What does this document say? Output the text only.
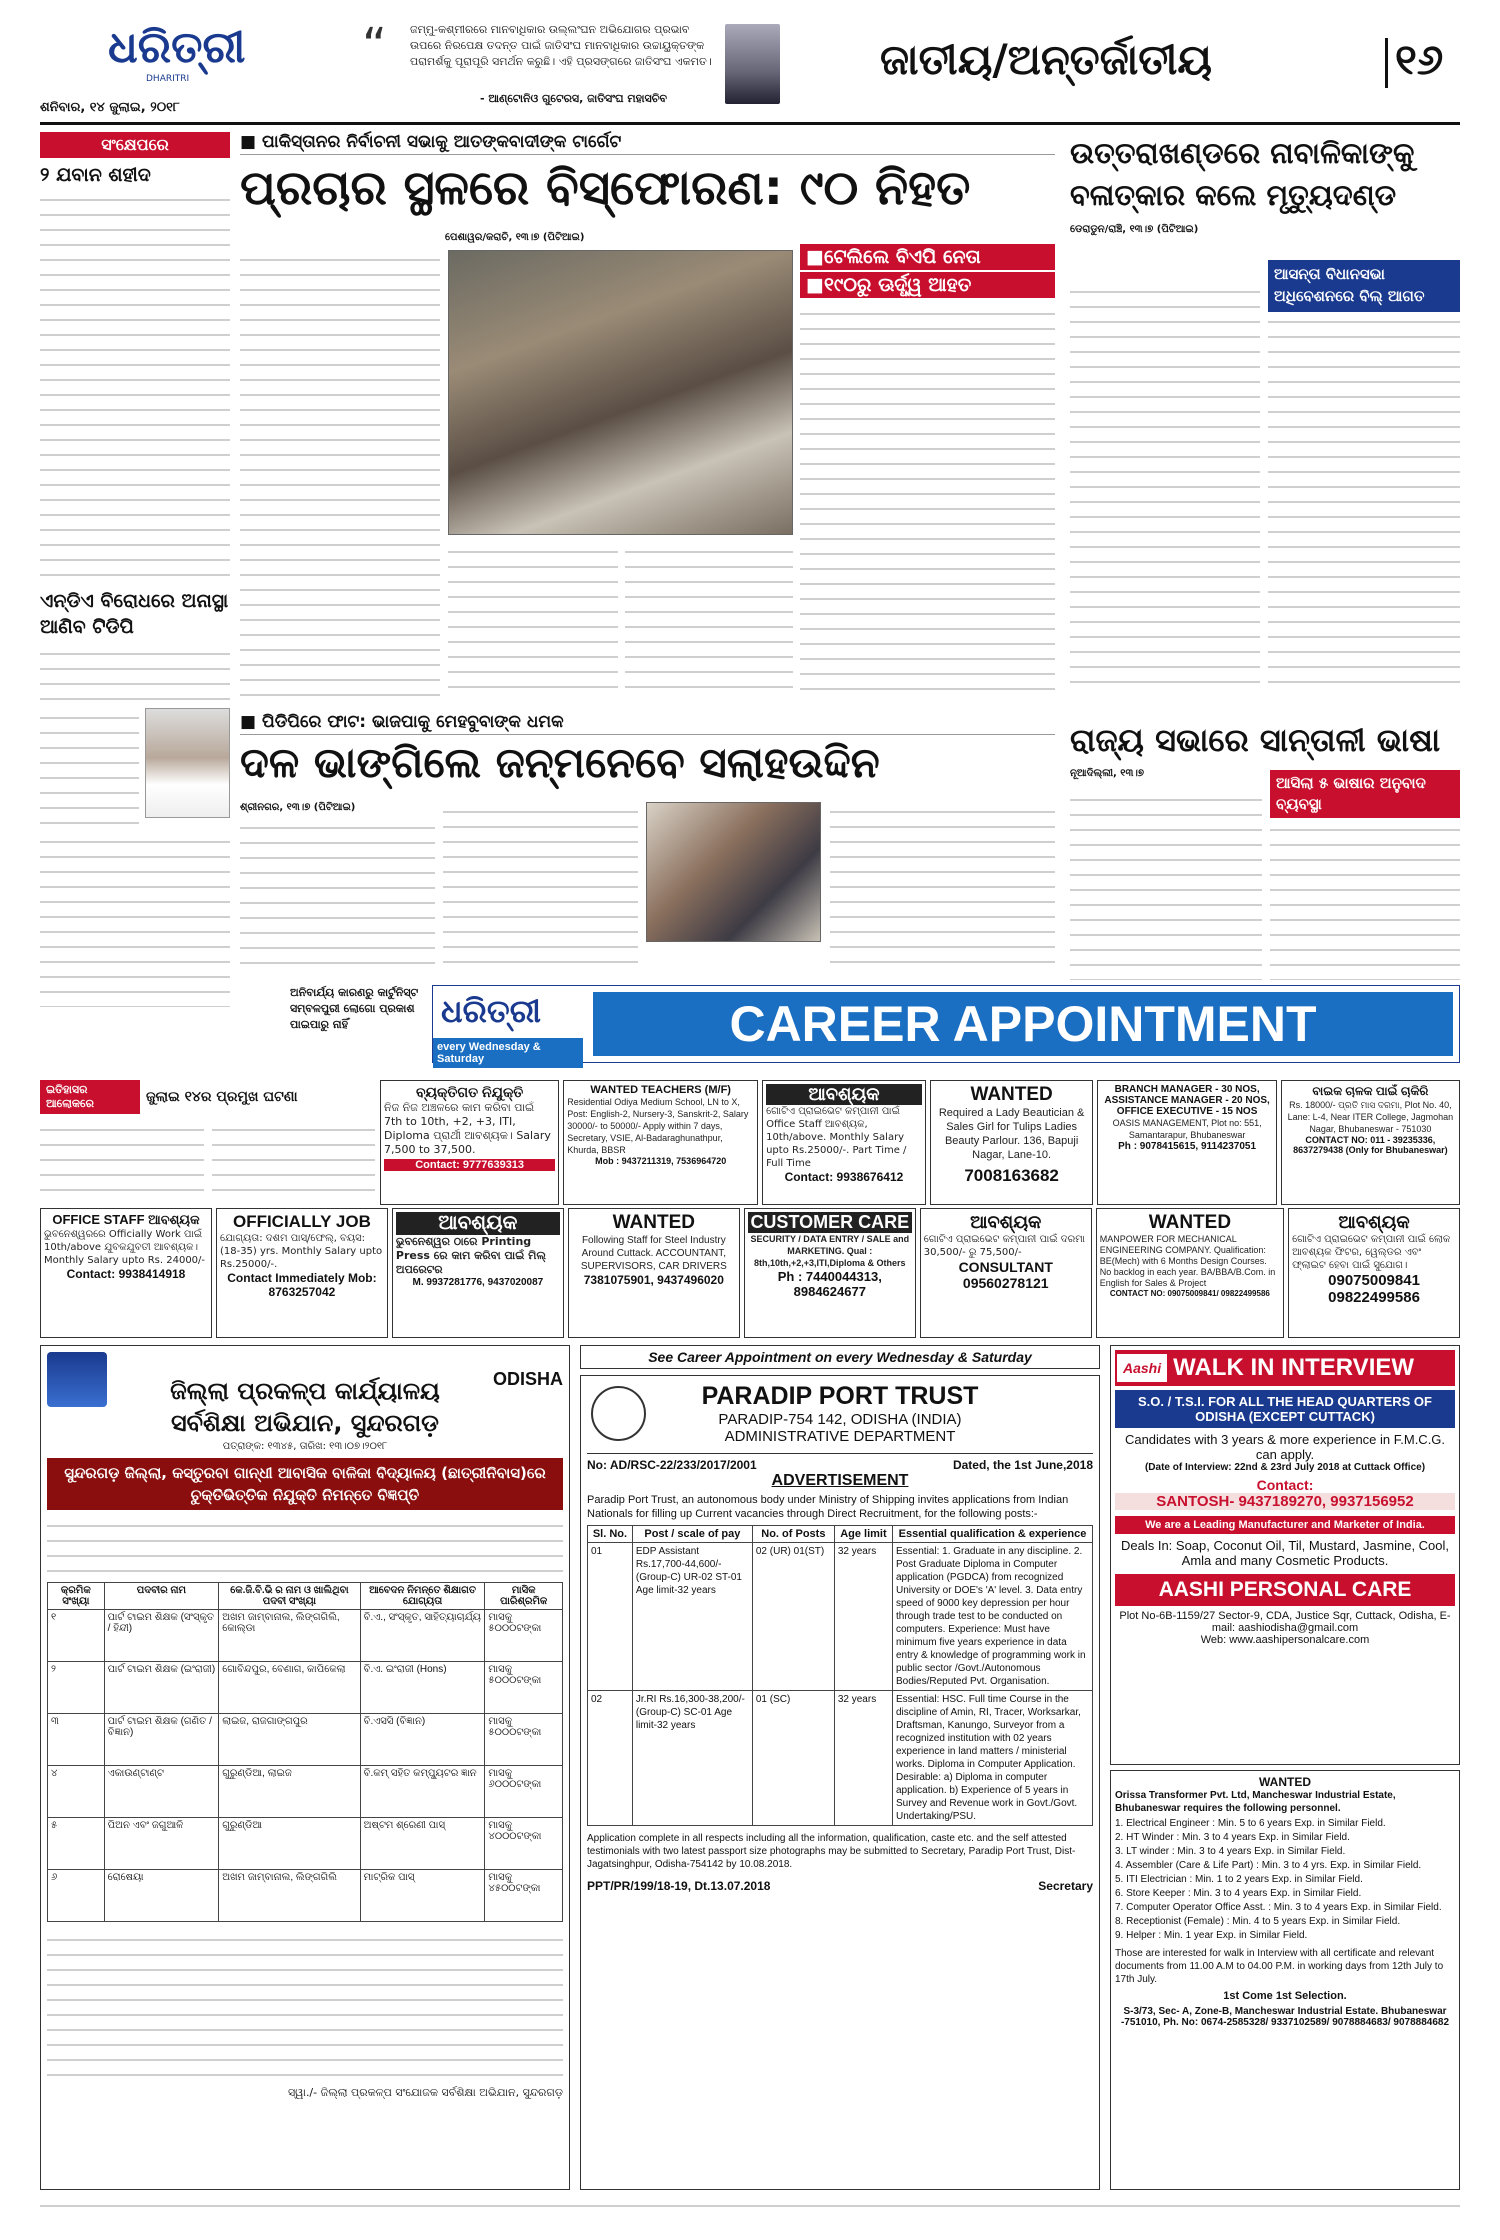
ଧରିତ୍ରୀ
DHARITRI
ଶନିବାର, ୧୪ ଜୁଲାଇ, ୨୦୧୮
“ ଜମ୍ମୁ-କଶ୍ମୀରରେ ମାନବାଧିକାର ଉଲ୍ଲଂଘନ ଅଭିଯୋଗର ପ୍ରଭାବ ଉପରେ ନିରପେକ୍ଷ ତଦନ୍ତ ପାଇଁ ଜାତିସଂଘ ମାନବାଧିକାର ଉଚ୍ଚାୟୁକ୍ତଙ୍କ ପରାମର୍ଶକୁ ପୂରାପୂରି ସମର୍ଥନ କରୁଛି। ଏହି ପ୍ରସଙ୍ଗରେ ଜାତିସଂଘ ଏକମତ।
- ଆଣ୍ଟୋନିଓ ଗୁଟେରସ, ଜାତିସଂଘ ମହାସଚିବ
ଜାତୀୟ/ଅନ୍ତର୍ଜାତୀୟ	୧୬
ସଂକ୍ଷେପରେ
୨ ଯବାନ ଶହୀଦ
ଏନ୍‌ଡିଏ ବିରୋଧରେ ଅନାସ୍ଥା ଆଣିବ ଟିଡିପି
■ ପାକିସ୍ତାନର ନିର୍ବାଚନୀ ସଭାକୁ ଆତଙ୍କବାଦୀଙ୍କ ଟାର୍ଗେଟ
ପ୍ରଚାର ସ୍ଥଳରେ ବିସ୍ଫୋରଣ: ୯୦ ନିହତ
ପେଶାୱର/କରାଚି, ୧୩।୭ (ପିଟିଆଇ)
■ଟେଲିଲେ ବିଏପି ନେତା
■୧୯୦ରୁ ଊର୍ଦ୍ଧ୍ୱ ଆହତ
ଉତ୍ତରାଖଣ୍ଡରେ ନାବାଳିକାଙ୍କୁ ବଳାତ୍କାର କଲେ ମୃତ୍ୟୁଦଣ୍ଡ
ଡେରାଡୁନ/ରାଞ୍ଚି, ୧୩।୭ (ପିଟିଆଇ)
ଆସନ୍ତା ବିଧାନସଭା ଅଧିବେଶନରେ ବିଲ୍ ଆଗତ
ରାଜ୍ୟ ସଭାରେ ସାନ୍ତାଳୀ ଭାଷା
ନୂଆଦିଲ୍ଲୀ, ୧୩।୭
ଆସିଲା ୫ ଭାଷାର ଅନୁବାଦ ବ୍ୟବସ୍ଥା
■ ପିଡିପିରେ ଫାଟ: ଭାଜପାକୁ ମେହବୁବାଙ୍କ ଧମକ
ଦଳ ଭାଙ୍ଗିଲେ ଜନ୍ମନେବେ ସଲାହଉଦ୍ଦିନ
ଶ୍ରୀନଗର, ୧୩।୭ (ପିଟିଆଇ)
ଅନିବାର୍ଯ୍ୟ କାରଣରୁ କାର୍ଟୁନିସ୍ଟ ସମ୍ବଳପୁରୀ ଲୋଗୋ ପ୍ରକାଶ ପାଇପାରୁ ନାହିଁ	ଧରିତ୍ରୀ
every Wednesday & Saturday
CAREER APPOINTMENT
ଇତିହାସର ଆଲୋକରେ	ଜୁଲାଇ ୧୪ର ପ୍ରମୁଖ ଘଟଣା	ବ୍ୟକ୍ତିଗତ ନିଯୁକ୍ତି
ନିଜ ନିଜ ଅଞ୍ଚଳରେ କାମ କରିବା ପାଇଁ 7th to 10th, +2, +3, ITI, Diploma ପ୍ରାର୍ଥୀ ଆବଶ୍ୟକ। Salary 7,500 to 37,500.
Contact: 9777639313
WANTED TEACHERS (M/F)
Residential Odiya Medium School, LN to X, Post: English-2, Nursery-3, Sanskrit-2, Salary 30000/- to 50000/- Apply within 7 days, Secretary, VSIE, Al-Badaraghunathpur, Khurda, BBSR
Mob : 9437211319, 7536964720
ଆବଶ୍ୟକ
ଗୋଟିଏ ପ୍ରାଇଭେଟ କମ୍ପାନୀ ପାଇଁ Office Staff ଆବଶ୍ୟକ, 10th/above. Monthly Salary upto Rs.25000/-. Part Time / Full Time
Contact: 9938676412
WANTED
Required a Lady Beautician & Sales Girl for Tulips Ladies Beauty Parlour. 136, Bapuji Nagar, Lane-10.
7008163682
BRANCH MANAGER - 30 NOS, ASSISTANCE MANAGER - 20 NOS, OFFICE EXECUTIVE - 15 NOS
OASIS MANAGEMENT, Plot no: 551, Samantarapur, Bhubaneswar
Ph : 9078415615, 9114237051
ବାଇକ ଚାଳକ ପାଇଁ ଚାକିରି
Rs. 18000/- ପ୍ରତି ମାସ ଦରମା, Plot No. 40, Lane: L-4, Near ITER College, Jagmohan Nagar, Bhubaneswar - 751030
CONTACT NO: 011 - 39235336, 8637279438 (Only for Bhubaneswar)
OFFICE STAFF ଆବଶ୍ୟକ
ଭୁବନେଶ୍ୱରରେ Officially Work ପାଇଁ 10th/above ଯୁବକଯୁବତୀ ଆବଶ୍ୟକ। Monthly Salary upto Rs. 24000/-
Contact: 9938414918
OFFICIALLY JOB
ଯୋଗ୍ୟତା: ଦଶମ ପାସ୍/ଫେଲ୍, ବୟସ: (18-35) yrs. Monthly Salary upto Rs.25000/-.
Contact Immediately Mob: 8763257042
ଆବଶ୍ୟକ
ଭୁବନେଶ୍ୱର ଠାରେ Printing Press ରେ କାମ କରିବା ପାଇଁ ମିଲ୍ ଅପରେଟର
M. 9937281776, 9437020087
WANTED
Following Staff for Steel Industry Around Cuttack. ACCOUNTANT, SUPERVISORS, CAR DRIVERS
7381075901, 9437496020
CUSTOMER CARE
SECURITY / DATA ENTRY / SALE and MARKETING. Qual : 8th,10th,+2,+3,ITI,Diploma & Others
Ph : 7440044313, 8984624677
ଆବଶ୍ୟକ
ଗୋଟିଏ ପ୍ରାଇଭେଟ କମ୍ପାନୀ ପାଇଁ ଦରମା 30,500/- ରୁ 75,500/-
CONSULTANT 09560278121
WANTED
MANPOWER FOR MECHANICAL ENGINEERING COMPANY. Qualification: BE(Mech) with 6 Months Design Courses. No backlog in each year. BA/BBA/B.Com. in English for Sales & Project
CONTACT NO: 09075009841/ 09822499586
ଆବଶ୍ୟକ
ଗୋଟିଏ ପ୍ରାଇଭେଟ କମ୍ପାନୀ ପାଇଁ ଲୋକ ଆବଶ୍ୟକ ଫିଟର, ୱେଲ୍ଡର ଏବଂ ଫ୍ଲାଇଟ ହେବା ପାଇଁ ସୁଯୋଗ।
09075009841 09822499586
ODISHA
ଜିଲ୍ଲା ପ୍ରକଳ୍ପ କାର୍ଯ୍ୟାଳୟ
ସର୍ବଶିକ୍ଷା ଅଭିଯାନ, ସୁନ୍ଦରଗଡ଼
ପତ୍ରାଙ୍କ: ୧୩୪୫, ତାରିଖ: ୧୩।୦୭।୨୦୧୮
ସୁନ୍ଦରଗଡ଼ ଜିଲ୍ଲା, କସ୍ତୁରବା ଗାନ୍ଧୀ ଆବାସିକ ବାଳିକା ବିଦ୍ୟାଳୟ (ଛାତ୍ରୀନିବାସ)ରେ ଚୁକ୍ତିଭିତ୍ତିକ ନିଯୁକ୍ତି ନିମନ୍ତେ ବିଜ୍ଞପ୍ତି
କ୍ରମିକ ସଂଖ୍ୟା	ପଦବୀର ନାମ	କେ.ଜି.ବି.ଭି ର ନାମ ଓ ଖାଲିଥିବା ପଦବୀ ସଂଖ୍ୟା	ଆବେଦନ ନିମନ୍ତେ ଶିକ୍ଷାଗତ ଯୋଗ୍ୟତା	ମାସିକ ପାରିଶ୍ରମିକ
୧	ପାର୍ଟ ଟାଇମ ଶିକ୍ଷକ (ସଂସ୍କୃତ / ହିନ୍ଦୀ)	ଅଖମ ଜାମ୍ବାନାଲ, ଲିଙ୍ଗଗିଲି, କୋଲ୍ଡା	ବି.ଏ., ସଂସ୍କୃତ, ସାହିତ୍ୟାଚାର୍ଯ୍ୟ	ମାସକୁ ୫୦୦୦ଟଙ୍କା
୨	ପାର୍ଟ ଟାଇମ ଶିକ୍ଷକ (ଇଂରାଜୀ)	ଗୋବିନ୍ଦପୁର, ବେଣାଗ, କାପିକେଲା	ବି.ଏ. ଇଂରାଜୀ (Hons)	ମାସକୁ ୫୦୦୦ଟଙ୍କା
୩	ପାର୍ଟ ଟାଇମ ଶିକ୍ଷକ (ଗଣିତ / ବିଜ୍ଞାନ)	ଲାଇଜ, ରାଜଗାଙ୍ଗପୁର	ବି.ଏସସି (ବିଜ୍ଞାନ)	ମାସକୁ ୫୦୦୦ଟଙ୍କା
୪	ଏକାଉଣ୍ଟାଣ୍ଟ	ଗୁରୁଣ୍ଡିଆ, ଲାଇଜ	ବି.କମ୍ ସହିତ କମ୍ପ୍ୟୁଟର ଜ୍ଞାନ	ମାସକୁ ୬୦୦୦ଟଙ୍କା
୫	ପିଅନ ଏବଂ ଜଗୁଆଳି	ଗୁରୁଣ୍ଡିଆ	ଅଷ୍ଟମ ଶ୍ରେଣୀ ପାସ୍	ମାସକୁ ୪୦୦୦ଟଙ୍କା
୬	ରୋଷେୟା	ଅଖମ ଜାମ୍ବାନାଲ, ଲିଙ୍ଗଗିଲି	ମାଟ୍ରିକ ପାସ୍	ମାସକୁ ୪୫୦୦ଟଙ୍କା
ସ୍ୱା./- ଜିଲ୍ଲା ପ୍ରକଳ୍ପ ସଂଯୋଜକ ସର୍ବଶିକ୍ଷା ଅଭିଯାନ, ସୁନ୍ଦରଗଡ଼
See Career Appointment on every Wednesday & Saturday
PARADIP PORT TRUST
PARADIP-754 142, ODISHA (INDIA)
ADMINISTRATIVE DEPARTMENT
No: AD/RSC-22/233/2017/2001	Dated, the 1st June,2018
ADVERTISEMENT
Paradip Port Trust, an autonomous body under Ministry of Shipping invites applications from Indian Nationals for filling up Current vacancies through Direct Recruitment, for the following posts:-
Sl. No.	Post / scale of pay	No. of Posts	Age limit	Essential qualification & experience
01	EDP Assistant Rs.17,700-44,600/- (Group-C) UR-02 ST-01 Age limit-32 years	02 (UR) 01(ST)	32 years	Essential: 1. Graduate in any discipline. 2. Post Graduate Diploma in Computer application (PGDCA) from recognized University or DOE's 'A' level. 3. Data entry speed of 9000 key depression per hour through trade test to be conducted on computers. Experience: Must have minimum five years experience in data entry & knowledge of programming work in public sector /Govt./Autonomous Bodies/Reputed Pvt. Organisation.
02	Jr.RI Rs.16,300-38,200/- (Group-C) SC-01 Age limit-32 years	01 (SC)	32 years	Essential: HSC. Full time Course in the discipline of Amin, RI, Tracer, Worksarkar, Draftsman, Kanungo, Surveyor from a recognized institution with 02 years experience in land matters / ministerial works. Diploma in Computer Application. Desirable: a) Diploma in computer application. b) Experience of 5 years in Survey and Revenue work in Govt./Govt. Undertaking/PSU.
Application complete in all respects including all the information, qualification, caste etc. and the self attested testimonials with two latest passport size photographs may be submitted to Secretary, Paradip Port Trust, Dist- Jagatsinghpur, Odisha-754142 by 10.08.2018.
PPT/PR/199/18-19, Dt.13.07.2018	Secretary
Aashi WALK IN INTERVIEW
S.O. / T.S.I. FOR ALL THE HEAD QUARTERS OF ODISHA (EXCEPT CUTTACK)
Candidates with 3 years & more experience in F.M.C.G. can apply.
(Date of Interview: 22nd & 23rd July 2018 at Cuttack Office)
Contact:
SANTOSH- 9437189270, 9937156952
We are a Leading Manufacturer and Marketer of India.
Deals In: Soap, Coconut Oil, Til, Mustard, Jasmine, Cool, Amla and many Cosmetic Products.
AASHI PERSONAL CARE
Plot No-6B-1159/27 Sector-9, CDA, Justice Sqr, Cuttack, Odisha, E-mail: aashiodisha@gmail.com
Web: www.aashipersonalcare.com
WANTED
Orissa Transformer Pvt. Ltd, Mancheswar Industrial Estate, Bhubaneswar requires the following personnel.
1. Electrical Engineer : Min. 5 to 6 years Exp. in Similar Field.
2. HT Winder : Min. 3 to 4 years Exp. in Similar Field.
3. LT winder : Min. 3 to 4 years Exp. in Similar Field.
4. Assembler (Care & Life Part) : Min. 3 to 4 yrs. Exp. in Similar Field.
5. ITI Electrician : Min. 1 to 2 years Exp. in Similar Field.
6. Store Keeper : Min. 3 to 4 years Exp. in Similar Field.
7. Computer Operator Office Asst. : Min. 3 to 4 years Exp. in Similar Field.
8. Receptionist (Female) : Min. 4 to 5 years Exp. in Similar Field.
9. Helper : Min. 1 year Exp. in Similar Field.
Those are interested for walk in Interview with all certificate and relevant documents from 11.00 A.M to 04.00 P.M. in working days from 12th July to 17th July.
1st Come 1st Selection.
S-3/73, Sec- A, Zone-B, Mancheswar Industrial Estate. Bhubaneswar -751010, Ph. No: 0674-2585328/ 9337102589/ 9078884683/ 9078884682
